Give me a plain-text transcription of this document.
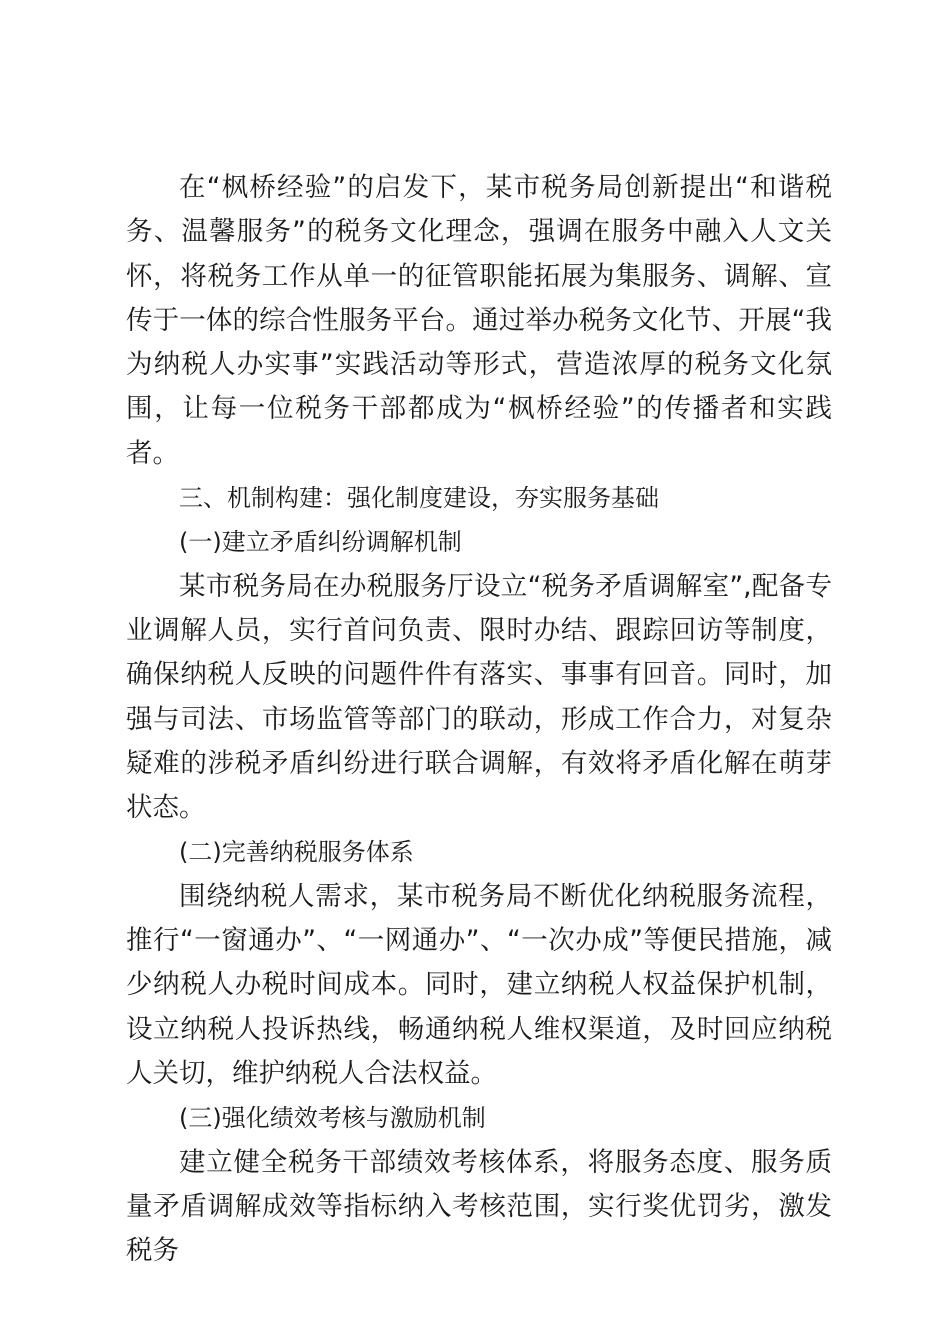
在“枫桥经验”的启发下，某市税务局创新提出“和谐税务、温馨服务”的税务文化理念，强调在服务中融入人文关怀，将税务工作从单一的征管职能拓展为集服务、调解、宣传于一体的综合性服务平台。通过举办税务文化节、开展“我为纳税人办实事”实践活动等形式，营造浓厚的税务文化氛围，让每一位税务干部都成为“枫桥经验”的传播者和实践者。

三、机制构建：强化制度建设，夯实服务基础

(一)建立矛盾纠纷调解机制

某市税务局在办税服务厅设立“税务矛盾调解室”,配备专业调解人员，实行首问负责、限时办结、跟踪回访等制度，确保纳税人反映的问题件件有落实、事事有回音。同时，加强与司法、市场监管等部门的联动，形成工作合力，对复杂疑难的涉税矛盾纠纷进行联合调解，有效将矛盾化解在萌芽状态。

(二)完善纳税服务体系

围绕纳税人需求，某市税务局不断优化纳税服务流程，推行“一窗通办”、“一网通办”、“一次办成”等便民措施，减少纳税人办税时间成本。同时，建立纳税人权益保护机制，设立纳税人投诉热线，畅通纳税人维权渠道，及时回应纳税人关切，维护纳税人合法权益。

(三)强化绩效考核与激励机制

建立健全税务干部绩效考核体系，将服务态度、服务质量矛盾调解成效等指标纳入考核范围，实行奖优罚劣，激发税务
